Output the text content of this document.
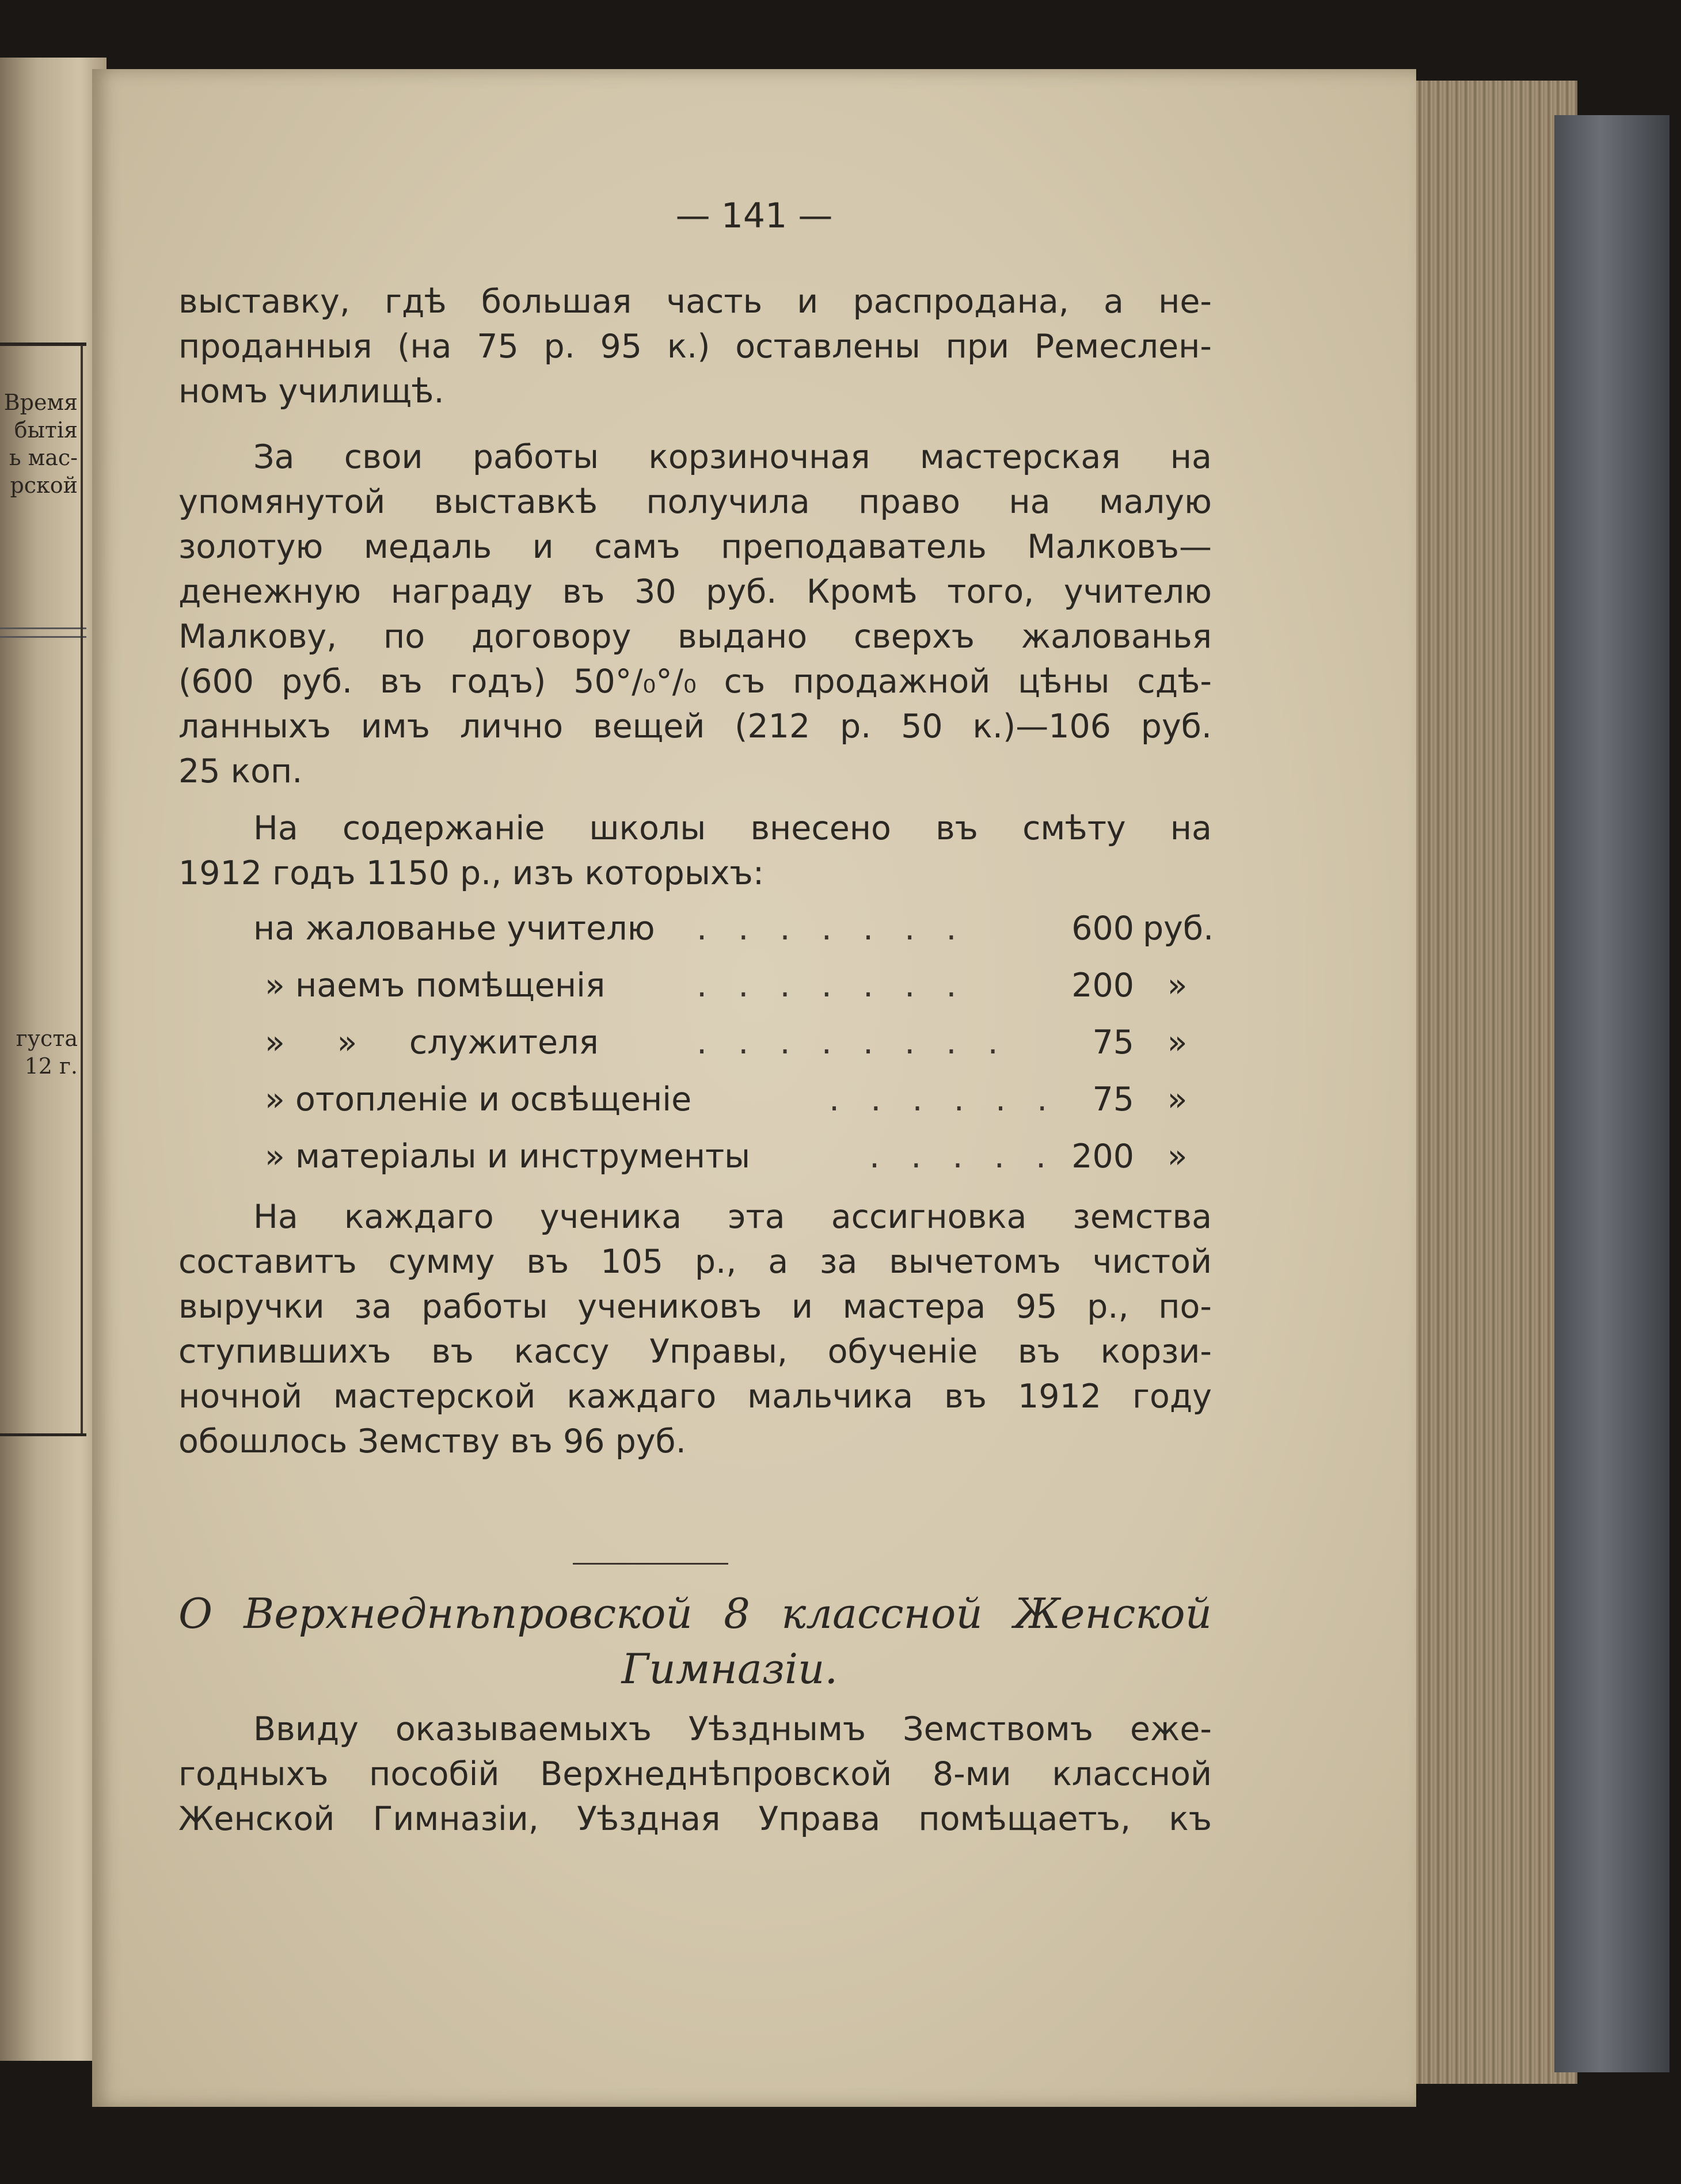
Время
бытія
ь мас-
рской
густа
12 г.
— 141 —
выставку, гдѣ большая часть и распродана, а не-
проданныя (на 75 р. 95 к.) оставлены при Ремеслен-
номъ училищѣ.
За свои работы корзиночная мастерская на
упомянутой выставкѣ получила право на малую
золотую медаль и самъ преподаватель Малковъ—
денежную награду въ 30 руб. Кромѣ того, учителю
Малкову, по договору выдано сверхъ жалованья
(600 руб. въ годъ) 50°/₀°/₀ съ продажной цѣны сдѣ-
ланныхъ имъ лично вещей (212 р. 50 к.)—106 руб.
25 коп.
На содержаніе школы внесено въ смѣту на
1912 годъ 1150 р., изъ которыхъ:
на жалованье учителю . . . . . . .	600 руб.
» наемъ помѣщенія	. . . . . . .	200	»
»     »     служителя	. . . . . . . .	75	»
» отопленіе и освѣщеніе	. . . . . .	75	»
» матеріалы и инструменты	. . . . . 200	»
На каждаго ученика эта ассигновка земства
составитъ сумму въ 105 р., а за вычетомъ чистой
выручки за работы учениковъ и мастера 95 р., по-
ступившихъ въ кассу Управы, обученіе въ корзи-
ночной мастерской каждаго мальчика въ 1912 году
обошлось Земству въ 96 руб.
О Верхнеднѣпровской 8 классной Женской
Гимназіи.
Ввиду оказываемыхъ Уѣзднымъ Земствомъ еже-
годныхъ пособій Верхнеднѣпровской 8-ми классной
Женской Гимназіи, Уѣздная Управа помѣщаетъ, къ
